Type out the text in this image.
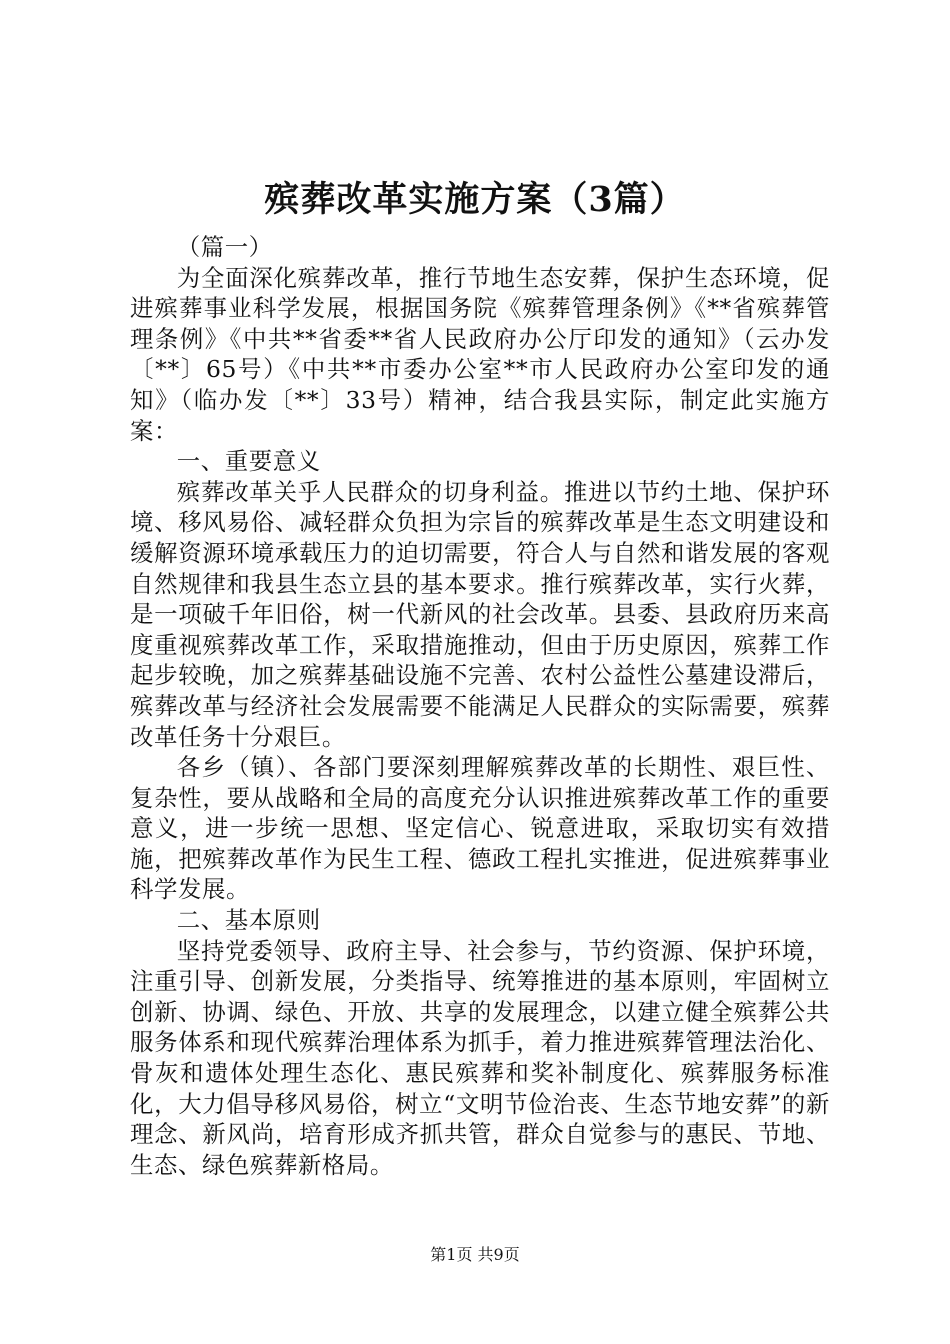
殡葬改革实施方案（3篇）

（篇一）

为全面深化殡葬改革，推行节地生态安葬，保护生态环境，促进殡葬事业科学发展，根据国务院《殡葬管理条例》《**省殡葬管理条例》《中共**省委**省人民政府办公厅印发的通知》（云办发〔**〕65号）《中共**市委办公室**市人民政府办公室印发的通知》（临办发〔**〕33号）精神，结合我县实际，制定此实施方案：

一、重要意义

殡葬改革关乎人民群众的切身利益。推进以节约土地、保护环境、移风易俗、减轻群众负担为宗旨的殡葬改革是生态文明建设和缓解资源环境承载压力的迫切需要，符合人与自然和谐发展的客观自然规律和我县生态立县的基本要求。推行殡葬改革，实行火葬，是一项破千年旧俗，树一代新风的社会改革。县委、县政府历来高度重视殡葬改革工作，采取措施推动，但由于历史原因，殡葬工作起步较晚，加之殡葬基础设施不完善、农村公益性公墓建设滞后，殡葬改革与经济社会发展需要不能满足人民群众的实际需要，殡葬改革任务十分艰巨。

各乡（镇）、各部门要深刻理解殡葬改革的长期性、艰巨性、复杂性，要从战略和全局的高度充分认识推进殡葬改革工作的重要意义，进一步统一思想、坚定信心、锐意进取，采取切实有效措施，把殡葬改革作为民生工程、德政工程扎实推进，促进殡葬事业科学发展。

二、基本原则

坚持党委领导、政府主导、社会参与，节约资源、保护环境，注重引导、创新发展，分类指导、统筹推进的基本原则，牢固树立创新、协调、绿色、开放、共享的发展理念，以建立健全殡葬公共服务体系和现代殡葬治理体系为抓手，着力推进殡葬管理法治化、骨灰和遗体处理生态化、惠民殡葬和奖补制度化、殡葬服务标准化，大力倡导移风易俗，树立“文明节俭治丧、生态节地安葬”的新理念、新风尚，培育形成齐抓共管，群众自觉参与的惠民、节地、生态、绿色殡葬新格局。

第1页 共9页
